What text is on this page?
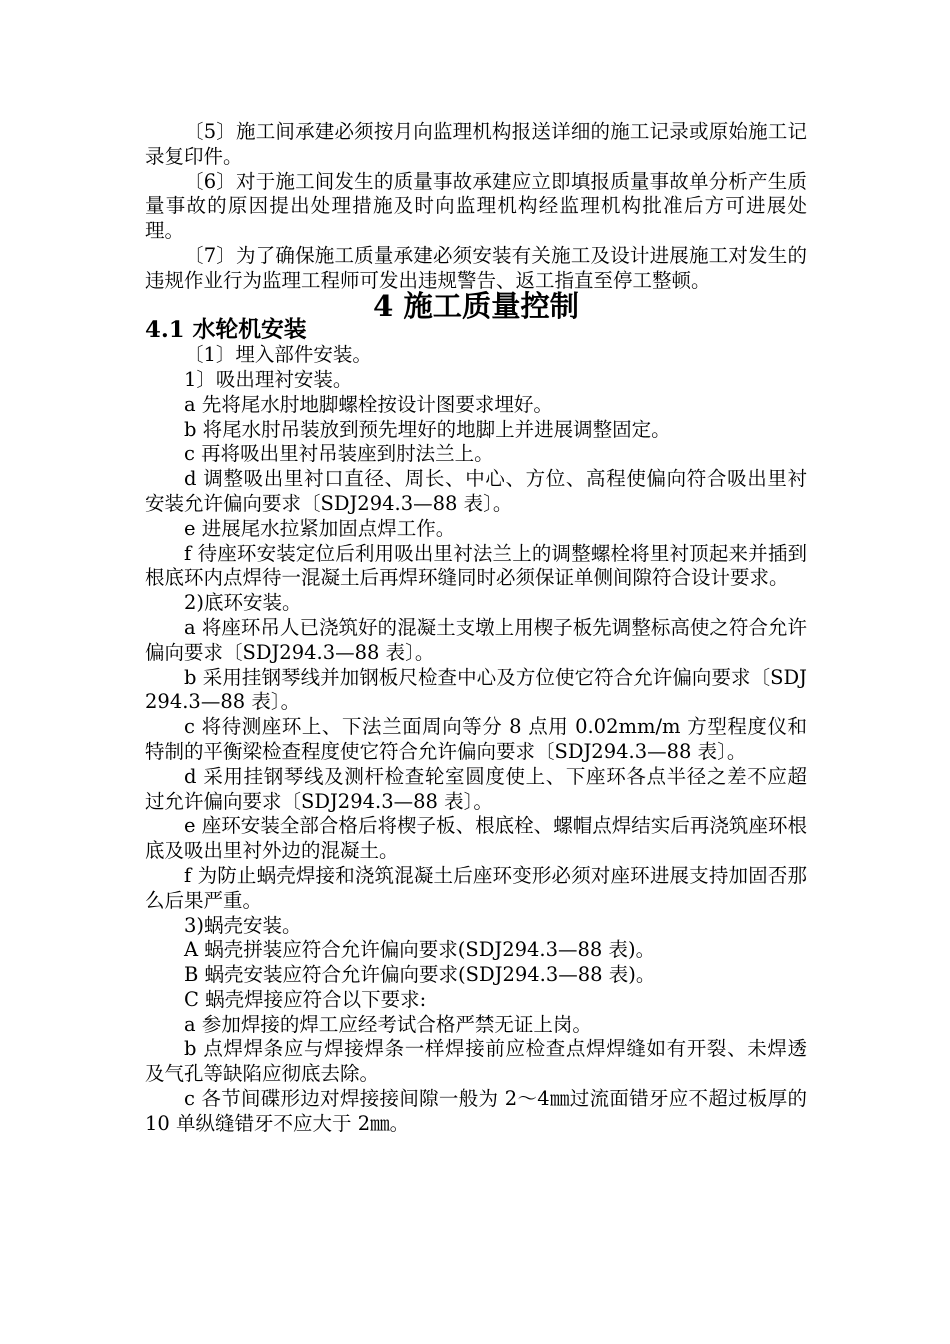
〔5〕施工间承建必须按月向监理机构报送详细的施工记录或原始施工记录复印件。

〔6〕对于施工间发生的质量事故承建应立即填报质量事故单分析产生质量事故的原因提出处理措施及时向监理机构经监理机构批准后方可进展处理。

〔7〕为了确保施工质量承建必须安装有关施工及设计进展施工对发生的违规作业行为监理工程师可发出违规警告、返工指直至停工整顿。

4 施工质量控制
4.1 水轮机安装

〔1〕埋入部件安装。

1〕吸出理衬安装。

a 先将尾水肘地脚螺栓按设计图要求埋好。

b 将尾水肘吊装放到预先埋好的地脚上并进展调整固定。

c 再将吸出里衬吊装座到肘法兰上。

d 调整吸出里衬口直径、周长、中心、方位、高程使偏向符合吸出里衬安装允许偏向要求〔SDJ294.3—88 表〕。

e 进展尾水拉紧加固点焊工作。

f 待座环安装定位后利用吸出里衬法兰上的调整螺栓将里衬顶起来并插到根底环内点焊待一混凝土后再焊环缝同时必须保证单侧间隙符合设计要求。

2)底环安装。

a 将座环吊人已浇筑好的混凝土支墩上用楔子板先调整标高使之符合允许偏向要求〔SDJ294.3—88 表〕。

b 采用挂钢琴线并加钢板尺检查中心及方位使它符合允许偏向要求〔SDJ294.3—88 表〕。

c 将待测座环上、下法兰面周向等分 8 点用 0.02mm/m 方型程度仪和特制的平衡梁检查程度使它符合允许偏向要求〔SDJ294.3—88 表〕。

d 采用挂钢琴线及测杆检查轮室圆度使上、下座环各点半径之差不应超过允许偏向要求〔SDJ294.3—88 表〕。

e 座环安装全部合格后将楔子板、根底栓、螺帽点焊结实后再浇筑座环根底及吸出里衬外边的混凝土。

f 为防止蜗壳焊接和浇筑混凝土后座环变形必须对座环进展支持加固否那么后果严重。

3)蜗壳安装。

A 蜗壳拼装应符合允许偏向要求(SDJ294.3—88 表)。

B 蜗壳安装应符合允许偏向要求(SDJ294.3—88 表)。

C 蜗壳焊接应符合以下要求:

a 参加焊接的焊工应经考试合格严禁无证上岗。

b 点焊焊条应与焊接焊条一样焊接前应检查点焊焊缝如有开裂、未焊透及气孔等缺陷应彻底去除。

c 各节间碟形边对焊接接间隙一般为 2～4㎜过流面错牙应不超过板厚的 10 单纵缝错牙不应大于 2㎜。
